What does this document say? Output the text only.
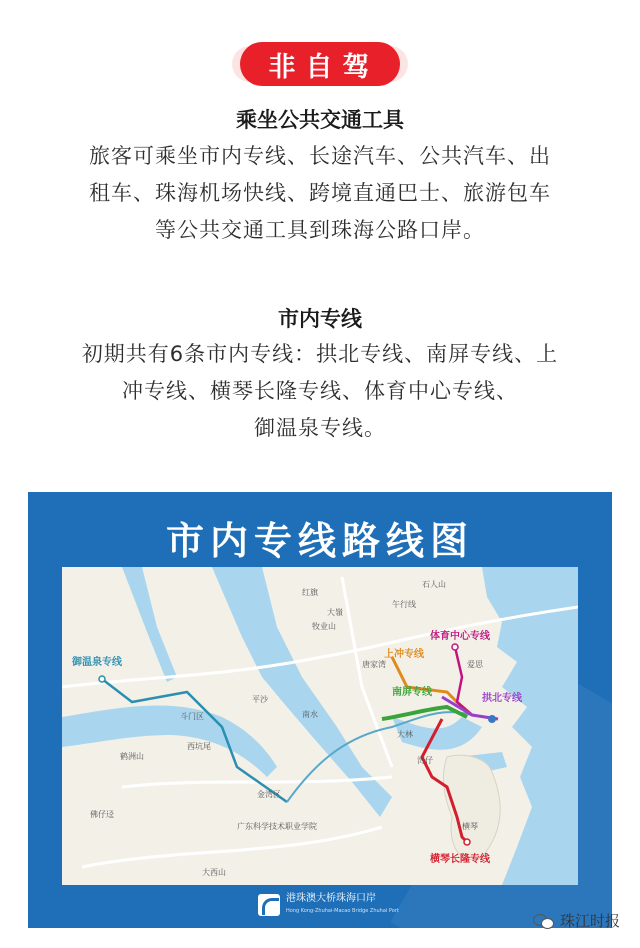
非自驾
乘坐公共交通工具
旅客可乘坐市内专线、长途汽车、公共汽车、出
租车、珠海机场快线、跨境直通巴士、旅游包车
等公共交通工具到珠海公路口岸。
市内专线
初期共有6条市内专线：拱北专线、南屏专线、上
冲专线、横琴长隆专线、体育中心专线、
御温泉专线。
市内专线路线图
御温泉专线
体育中心专线
上冲专线
南屏专线
拱北专线
横琴长隆专线
石人山
午行线
红旗
大嶺
牧业山
斗门区
平沙
鹤洲山
西坑尾
佛仔迳
金湾区
广东科学技术职业学院
大西山
大林
湾仔
横琴
唐家湾	爱思
南水
港珠澳大桥珠海口岸
Hong Kong-Zhuhai-Macao Bridge Zhuhai Port
珠江时报
